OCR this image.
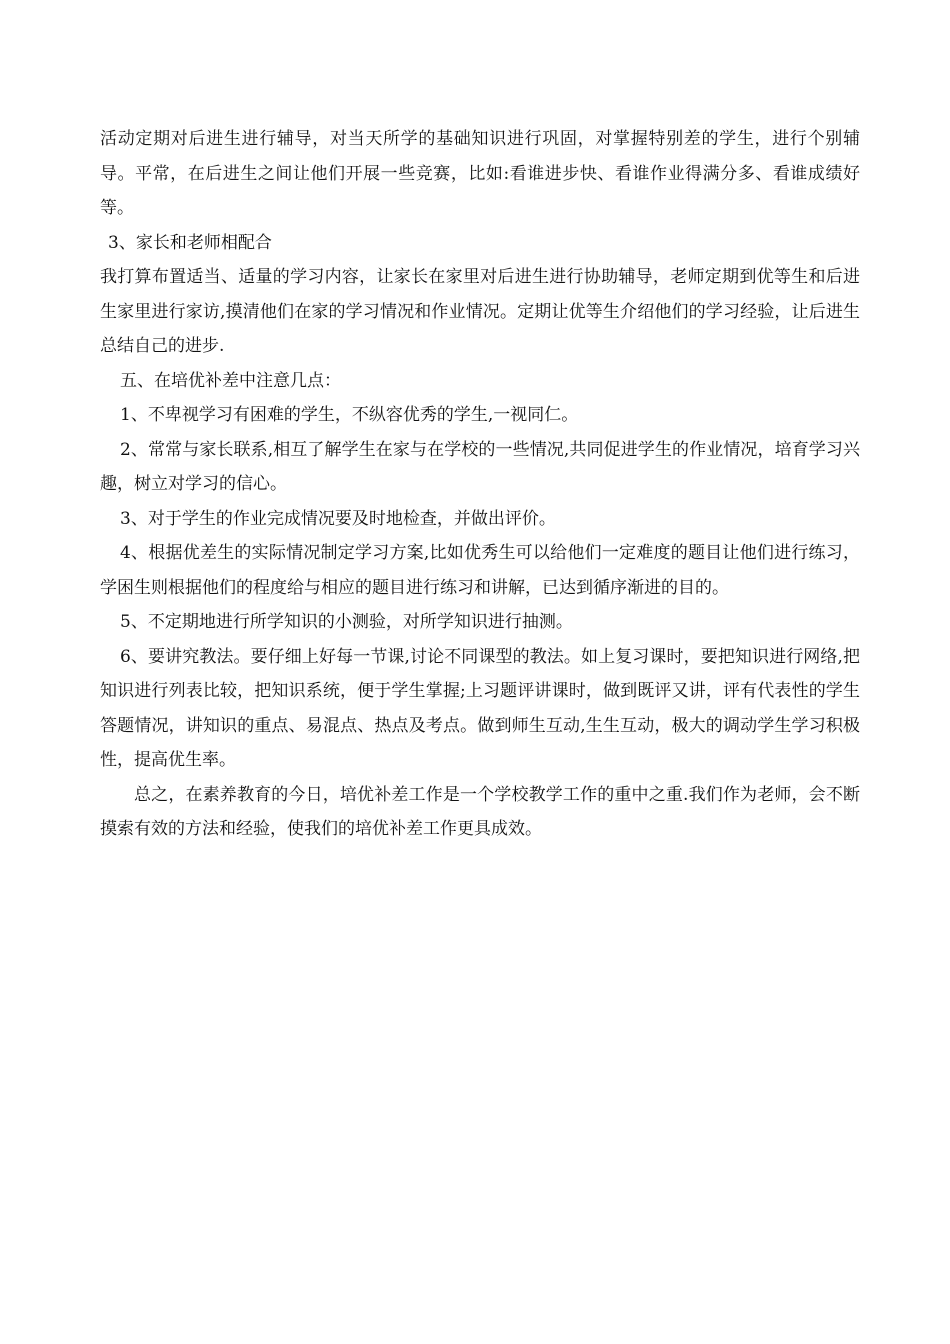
活动定期对后进生进行辅导，对当天所学的基础知识进行巩固，对掌握特别差的学生，进行个别辅导。平常，在后进生之间让他们开展一些竞赛，比如:看谁进步快、看谁作业得满分多、看谁成绩好等。

3、家长和老师相配合

我打算布置适当、适量的学习内容，让家长在家里对后进生进行协助辅导，老师定期到优等生和后进生家里进行家访,摸清他们在家的学习情况和作业情况。定期让优等生介绍他们的学习经验，让后进生总结自己的进步.

五、在培优补差中注意几点：

1、不卑视学习有困难的学生，不纵容优秀的学生,一视同仁。

2、常常与家长联系,相互了解学生在家与在学校的一些情况,共同促进学生的作业情况，培育学习兴趣，树立对学习的信心。

3、对于学生的作业完成情况要及时地检查，并做出评价。

4、根据优差生的实际情况制定学习方案,比如优秀生可以给他们一定难度的题目让他们进行练习，学困生则根据他们的程度给与相应的题目进行练习和讲解，已达到循序渐进的目的。

5、不定期地进行所学知识的小测验，对所学知识进行抽测。

6、要讲究教法。要仔细上好每一节课,讨论不同课型的教法。如上复习课时，要把知识进行网络,把知识进行列表比较，把知识系统，便于学生掌握;上习题评讲课时，做到既评又讲，评有代表性的学生答题情况，讲知识的重点、易混点、热点及考点。做到师生互动,生生互动，极大的调动学生学习积极性，提高优生率。

总之，在素养教育的今日，培优补差工作是一个学校教学工作的重中之重.我们作为老师，会不断摸索有效的方法和经验，使我们的培优补差工作更具成效。
